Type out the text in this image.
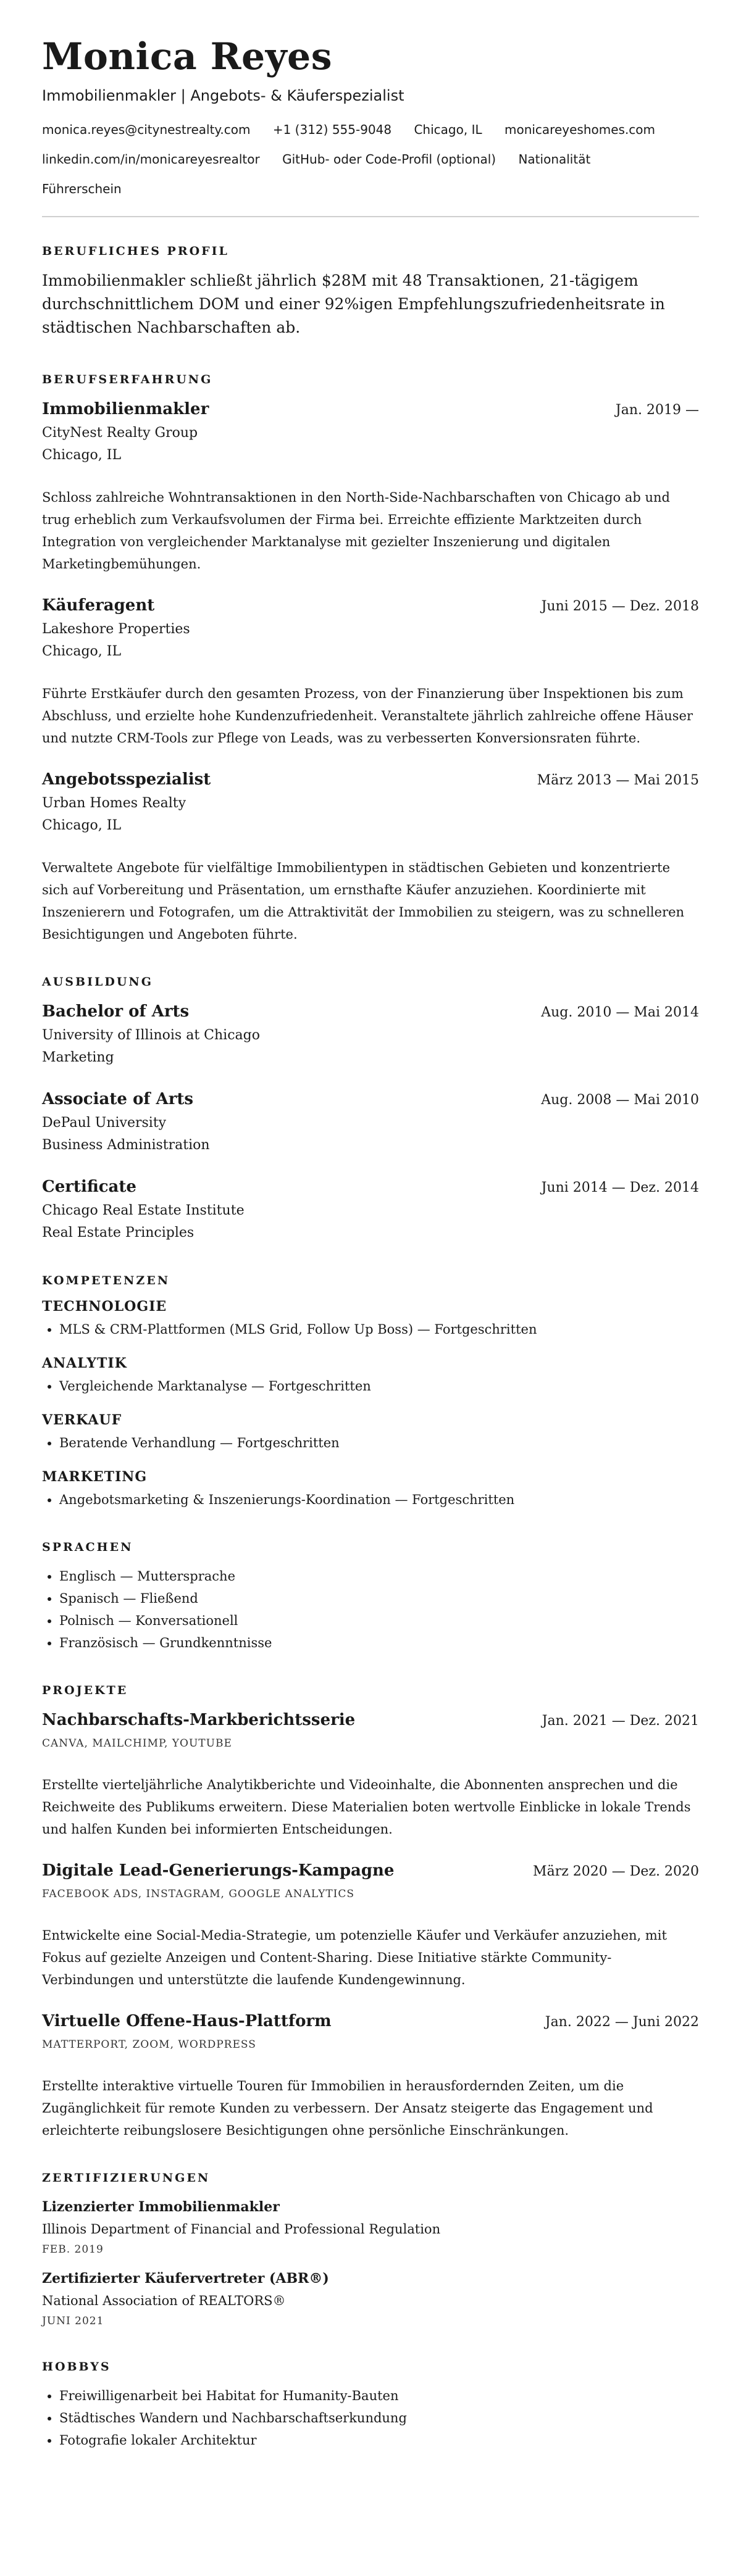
Monica Reyes
Immobilienmakler | Angebots- & Käuferspezialist
monica.reyes@citynestrealty.com +1 (312) 555-9048 Chicago, IL monicareyeshomes.com linkedin.com/in/monicareyesrealtor GitHub- oder Code-Profil (optional) Nationalität Führerschein
BERUFLICHES PROFIL

Immobilienmakler schließt jährlich $28M mit 48 Transaktionen, 21-tägigem durchschnittlichem DOM und einer 92%igen Empfehlungszufriedenheitsrate in städtischen Nachbarschaften ab.

BERUFSERFAHRUNG
Immobilienmakler	Jan. 2019 —
CityNest Realty Group
Chicago, IL

Schloss zahlreiche Wohntransaktionen in den North-Side-Nachbarschaften von Chicago ab und trug erheblich zum Verkaufsvolumen der Firma bei. Erreichte effiziente Marktzeiten durch Integration von vergleichender Marktanalyse mit gezielter Inszenierung und digitalen Marketingbemühungen.

Käuferagent	Juni 2015 — Dez. 2018
Lakeshore Properties
Chicago, IL

Führte Erstkäufer durch den gesamten Prozess, von der Finanzierung über Inspektionen bis zum Abschluss, und erzielte hohe Kundenzufriedenheit. Veranstaltete jährlich zahlreiche offene Häuser und nutzte CRM-Tools zur Pflege von Leads, was zu verbesserten Konversionsraten führte.

Angebotsspezialist	März 2013 — Mai 2015
Urban Homes Realty
Chicago, IL

Verwaltete Angebote für vielfältige Immobilientypen in städtischen Gebieten und konzentrierte sich auf Vorbereitung und Präsentation, um ernsthafte Käufer anzuziehen. Koordinierte mit Inszenierern und Fotografen, um die Attraktivität der Immobilien zu steigern, was zu schnelleren Besichtigungen und Angeboten führte.

AUSBILDUNG
Bachelor of Arts	Aug. 2010 — Mai 2014
University of Illinois at Chicago
Marketing
Associate of Arts	Aug. 2008 — Mai 2010
DePaul University
Business Administration
Certificate	Juni 2014 — Dez. 2014
Chicago Real Estate Institute
Real Estate Principles
KOMPETENZEN
TECHNOLOGIE
• MLS & CRM-Plattformen (MLS Grid, Follow Up Boss) — Fortgeschritten
ANALYTIK
• Vergleichende Marktanalyse — Fortgeschritten
VERKAUF
• Beratende Verhandlung — Fortgeschritten
MARKETING
• Angebotsmarketing & Inszenierungs-Koordination — Fortgeschritten
SPRACHEN
• Englisch — Muttersprache
• Spanisch — Fließend
• Polnisch — Konversationell
• Französisch — Grundkenntnisse
PROJEKTE
Nachbarschafts-Markberichtsserie	Jan. 2021 — Dez. 2021
CANVA, MAILCHIMP, YOUTUBE

Erstellte vierteljährliche Analytikberichte und Videoinhalte, die Abonnenten ansprechen und die Reichweite des Publikums erweitern. Diese Materialien boten wertvolle Einblicke in lokale Trends und halfen Kunden bei informierten Entscheidungen.

Digitale Lead-Generierungs-Kampagne	März 2020 — Dez. 2020
FACEBOOK ADS, INSTAGRAM, GOOGLE ANALYTICS

Entwickelte eine Social-Media-Strategie, um potenzielle Käufer und Verkäufer anzuziehen, mit Fokus auf gezielte Anzeigen und Content-Sharing. Diese Initiative stärkte Community-Verbindungen und unterstützte die laufende Kundengewinnung.

Virtuelle Offene-Haus-Plattform	Jan. 2022 — Juni 2022
MATTERPORT, ZOOM, WORDPRESS

Erstellte interaktive virtuelle Touren für Immobilien in herausfordernden Zeiten, um die Zugänglichkeit für remote Kunden zu verbessern. Der Ansatz steigerte das Engagement und erleichterte reibungslosere Besichtigungen ohne persönliche Einschränkungen.

ZERTIFIZIERUNGEN
Lizenzierter Immobilienmakler
Illinois Department of Financial and Professional Regulation
FEB. 2019
Zertifizierter Käufervertreter (ABR®)
National Association of REALTORS®
JUNI 2021
HOBBYS
• Freiwilligenarbeit bei Habitat for Humanity-Bauten
• Städtisches Wandern und Nachbarschaftserkundung
• Fotografie lokaler Architektur
